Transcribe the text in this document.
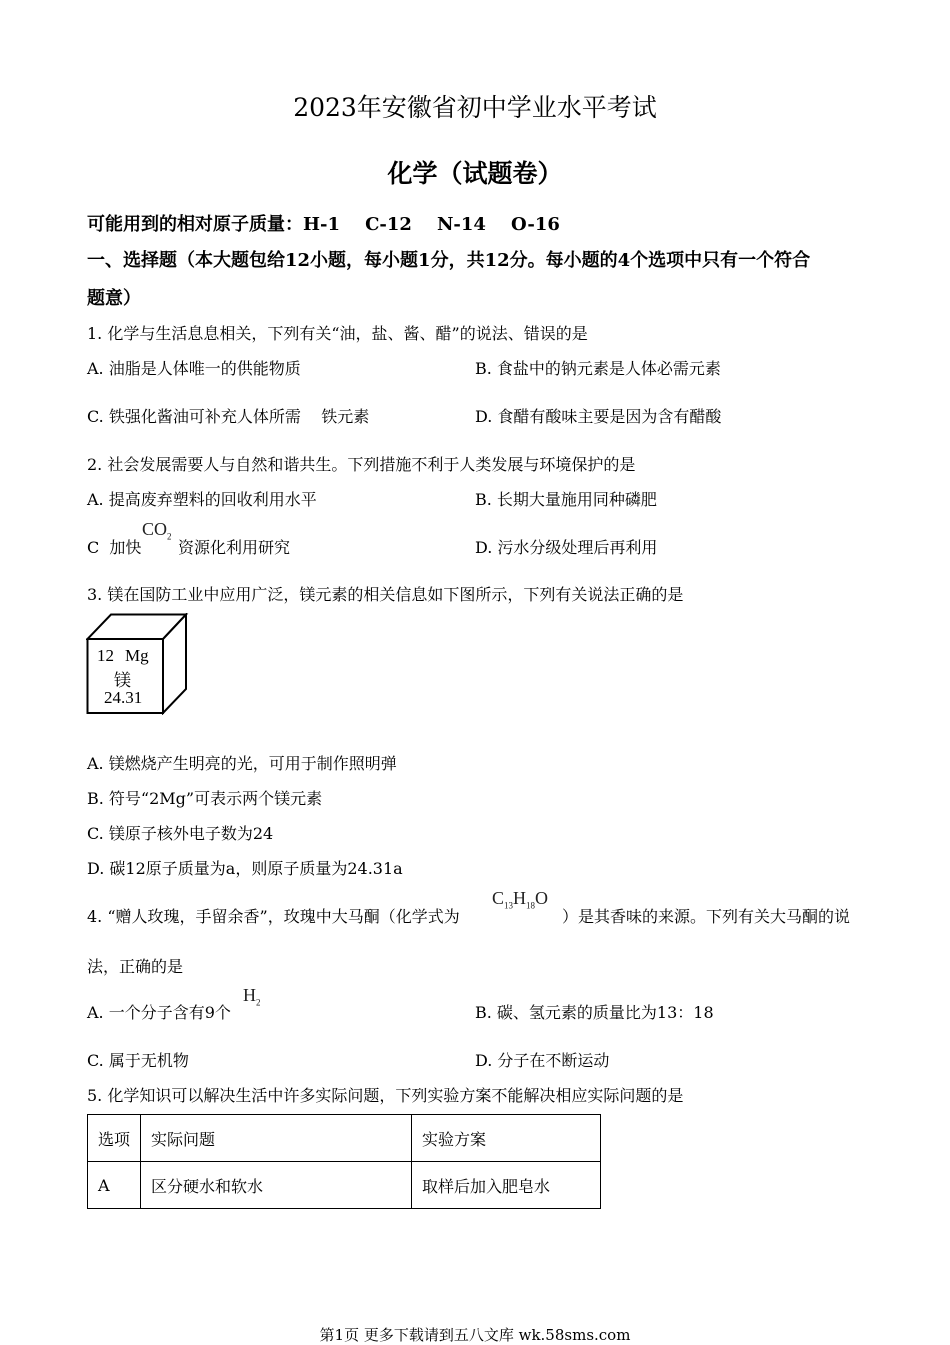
2023年安徽省初中学业水平考试
化学（试题卷）
可能用到的相对原子质量：H-1    C-12    N-14    O-16
一、选择题（本大题包给12小题，每小题1分，共12分。每小题的4个选项中只有一个符合
题意）
1. 化学与生活息息相关，下列有关“油，盐、酱、醋”的说法、错误的是
A. 油脂是人体唯一的供能物质	B. 食盐中的钠元素是人体必需元素
C. 铁强化酱油可补充人体所需    铁元素	D. 食醋有酸味主要是因为含有醋酸
2. 社会发展需要人与自然和谐共生。下列措施不利于人类发展与环境保护的是
A. 提高废弃塑料的回收利用水平	B. 长期大量施用同种磷肥
C  加快
$CO_2$
资源化利用研究	D. 污水分级处理后再利用
3. 镁在国防工业中应用广泛，镁元素的相关信息如下图所示，下列有关说法正确的是
12 Mg
镁
24.31
A. 镁燃烧产生明亮的光，可用于制作照明弹
B. 符号“2Mg”可表示两个镁元素
C. 镁原子核外电子数为24
D. 碳12原子质量为a，则原子质量为24.31a
4. “赠人玫瑰，手留余香”，玫瑰中大马酮（化学式为
$C_{13}H_{18}O$
）是其香味的来源。下列有关大马酮的说
法，正确的是
A. 一个分子含有9个
$H_2$
B. 碳、氢元素的质量比为13：18
C. 属于无机物	D. 分子在不断运动
5. 化学知识可以解决生活中许多实际问题，下列实验方案不能解决相应实际问题的是
选项	实际问题	实验方案
A	区分硬水和软水	取样后加入肥皂水
第1页 更多下载请到五八文库 wk.58sms.com
